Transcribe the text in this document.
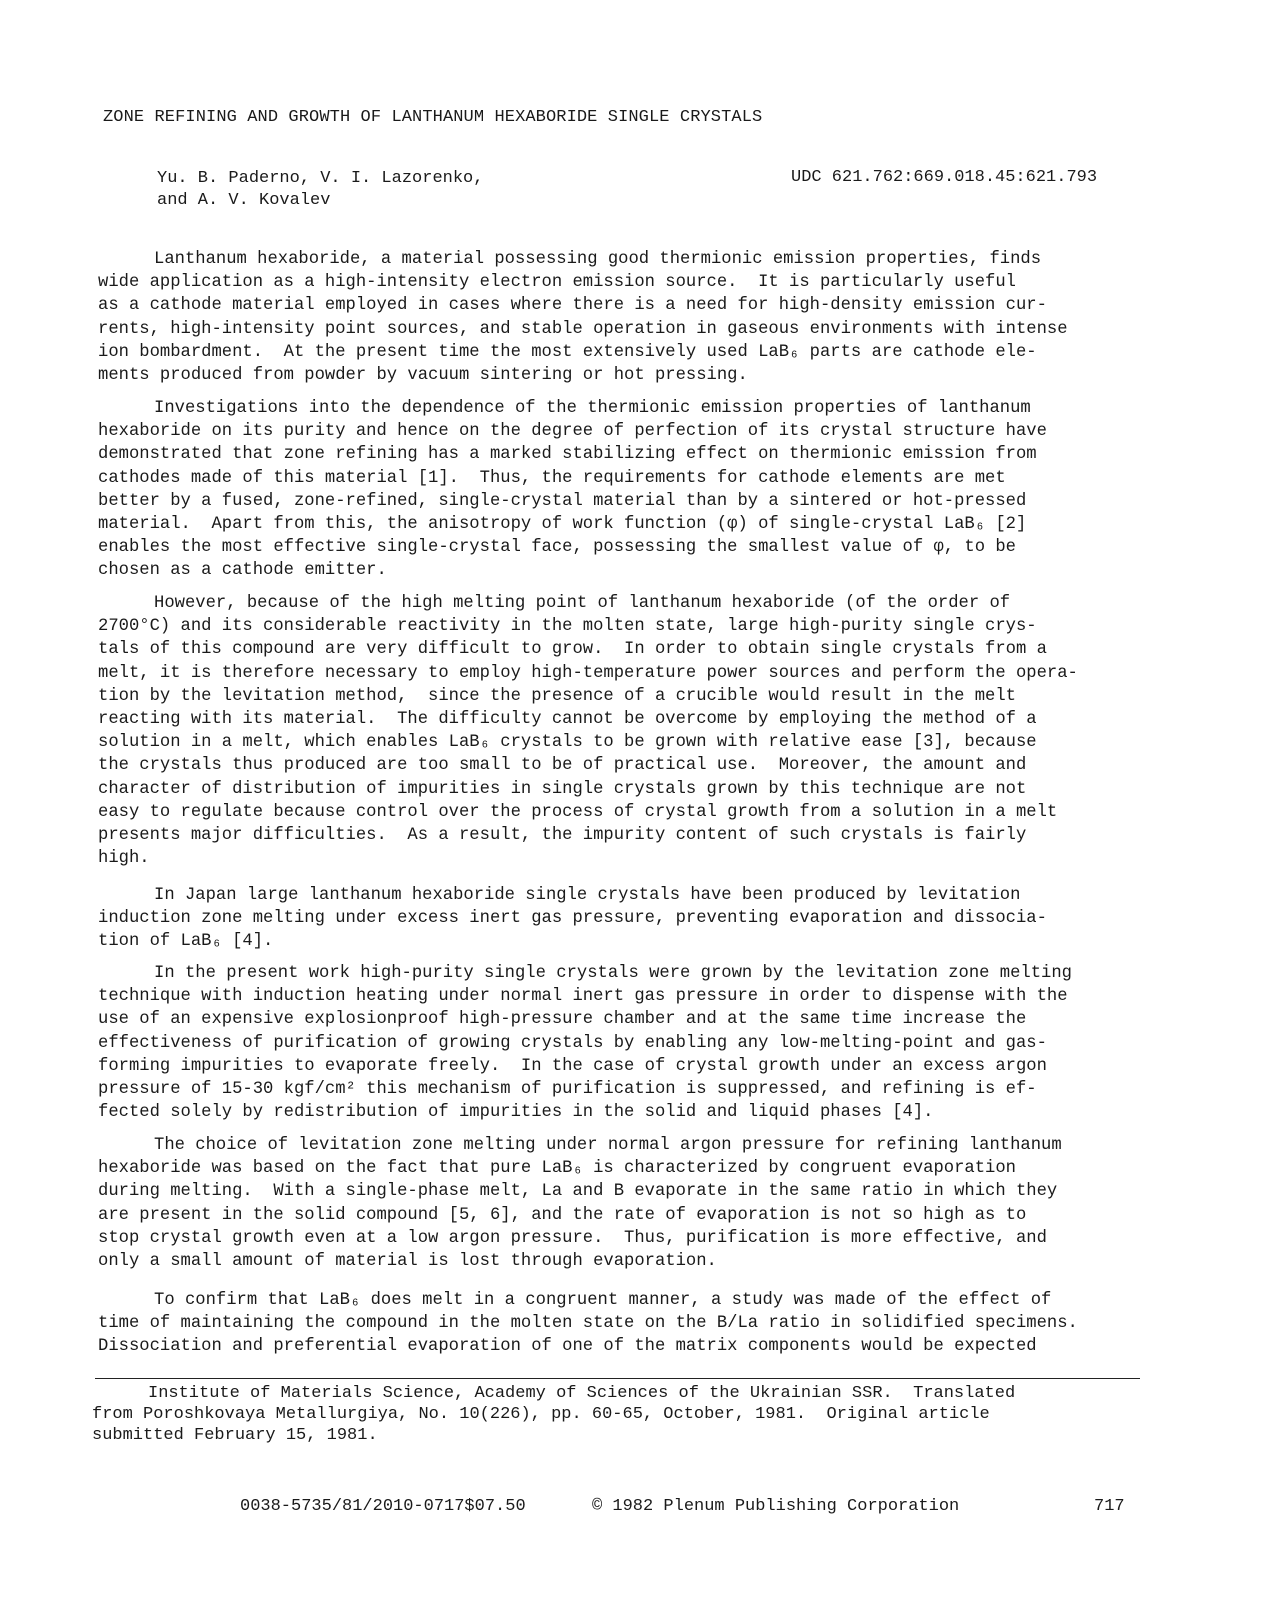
ZONE REFINING AND GROWTH OF LANTHANUM HEXABORIDE SINGLE CRYSTALS
Yu. B. Paderno, V. I. Lazorenko,
and A. V. Kovalev
UDC 621.762:669.018.45:621.793
Lanthanum hexaboride, a material possessing good thermionic emission properties, finds
wide application as a high-intensity electron emission source.  It is particularly useful
as a cathode material employed in cases where there is a need for high-density emission cur-
rents, high-intensity point sources, and stable operation in gaseous environments with intense
ion bombardment.  At the present time the most extensively used LaB₆ parts are cathode ele-
ments produced from powder by vacuum sintering or hot pressing.
Investigations into the dependence of the thermionic emission properties of lanthanum
hexaboride on its purity and hence on the degree of perfection of its crystal structure have
demonstrated that zone refining has a marked stabilizing effect on thermionic emission from
cathodes made of this material [1].  Thus, the requirements for cathode elements are met
better by a fused, zone-refined, single-crystal material than by a sintered or hot-pressed
material.  Apart from this, the anisotropy of work function (φ) of single-crystal LaB₆ [2]
enables the most effective single-crystal face, possessing the smallest value of φ, to be
chosen as a cathode emitter.
However, because of the high melting point of lanthanum hexaboride (of the order of
2700°C) and its considerable reactivity in the molten state, large high-purity single crys-
tals of this compound are very difficult to grow.  In order to obtain single crystals from a
melt, it is therefore necessary to employ high-temperature power sources and perform the opera-
tion by the levitation method,  since the presence of a crucible would result in the melt
reacting with its material.  The difficulty cannot be overcome by employing the method of a
solution in a melt, which enables LaB₆ crystals to be grown with relative ease [3], because
the crystals thus produced are too small to be of practical use.  Moreover, the amount and
character of distribution of impurities in single crystals grown by this technique are not
easy to regulate because control over the process of crystal growth from a solution in a melt
presents major difficulties.  As a result, the impurity content of such crystals is fairly
high.
In Japan large lanthanum hexaboride single crystals have been produced by levitation
induction zone melting under excess inert gas pressure, preventing evaporation and dissocia-
tion of LaB₆ [4].
In the present work high-purity single crystals were grown by the levitation zone melting
technique with induction heating under normal inert gas pressure in order to dispense with the
use of an expensive explosionproof high-pressure chamber and at the same time increase the
effectiveness of purification of growing crystals by enabling any low-melting-point and gas-
forming impurities to evaporate freely.  In the case of crystal growth under an excess argon
pressure of 15-30 kgf/cm² this mechanism of purification is suppressed, and refining is ef-
fected solely by redistribution of impurities in the solid and liquid phases [4].
The choice of levitation zone melting under normal argon pressure for refining lanthanum
hexaboride was based on the fact that pure LaB₆ is characterized by congruent evaporation
during melting.  With a single-phase melt, La and B evaporate in the same ratio in which they
are present in the solid compound [5, 6], and the rate of evaporation is not so high as to
stop crystal growth even at a low argon pressure.  Thus, purification is more effective, and
only a small amount of material is lost through evaporation.
To confirm that LaB₆ does melt in a congruent manner, a study was made of the effect of
time of maintaining the compound in the molten state on the B/La ratio in solidified specimens.
Dissociation and preferential evaporation of one of the matrix components would be expected
Institute of Materials Science, Academy of Sciences of the Ukrainian SSR.  Translated
from Poroshkovaya Metallurgiya, No. 10(226), pp. 60-65, October, 1981.  Original article
submitted February 15, 1981.
0038-5735/81/2010-0717$07.50	© 1982 Plenum Publishing Corporation	717
